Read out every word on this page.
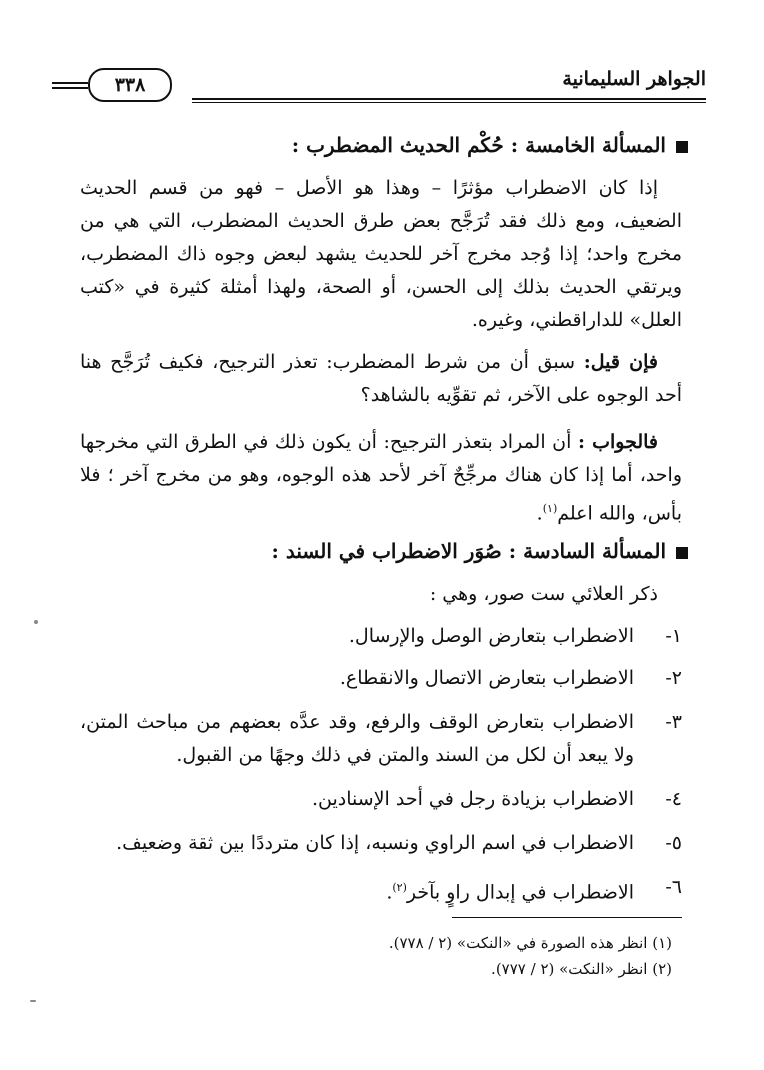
الجواهر السليمانية
٣٣٨
المسألة الخامسة : حُكْم الحديث المضطرب :
إذا كان الاضطراب مؤثرًا – وهذا هو الأصل – فهو من قسم الحديث الضعيف، ومع ذلك فقد تُرَجَّح بعض طرق الحديث المضطرب، التي هي من مخرج واحد؛ إذا وُجد مخرج آخر للحديث يشهد لبعض وجوه ذاك المضطرب، ويرتقي الحديث بذلك إلى الحسن، أو الصحة، ولهذا أمثلة كثيرة في «كتب العلل» للداراقطني، وغيره.
فإن قيل: سبق أن من شرط المضطرب: تعذر الترجيح، فكيف تُرَجَّح هنا أحد الوجوه على الآخر، ثم تقوِّيه بالشاهد؟
فالجواب : أن المراد بتعذر الترجيح: أن يكون ذلك في الطرق التي مخرجها واحد، أما إذا كان هناك مرجِّحٌ آخر لأحد هذه الوجوه، وهو من مخرج آخر ؛ فلا بأس، والله اعلم$^{(١)}$.
المسألة السادسة : صُوَر الاضطراب في السند :
ذكر العلائي ست صور، وهي :
١-
الاضطراب بتعارض الوصل والإرسال.
٢-
الاضطراب بتعارض الاتصال والانقطاع.
٣-
الاضطراب بتعارض الوقف والرفع، وقد عدَّه بعضهم من مباحث المتن، ولا يبعد أن لكل من السند والمتن في ذلك وجهًا من القبول.
٤-
الاضطراب بزيادة رجل في أحد الإسنادين.
٥-
الاضطراب في اسم الراوي ونسبه، إذا كان مترددًا بين ثقة وضعيف.
٦-
الاضطراب في إبدال راوٍ بآخر$^{(٢)}$.
(١) انظر هذه الصورة في «النكت» (٢ / ٧٧٨).
(٢) انظر «النكت» (٢ / ٧٧٧).
